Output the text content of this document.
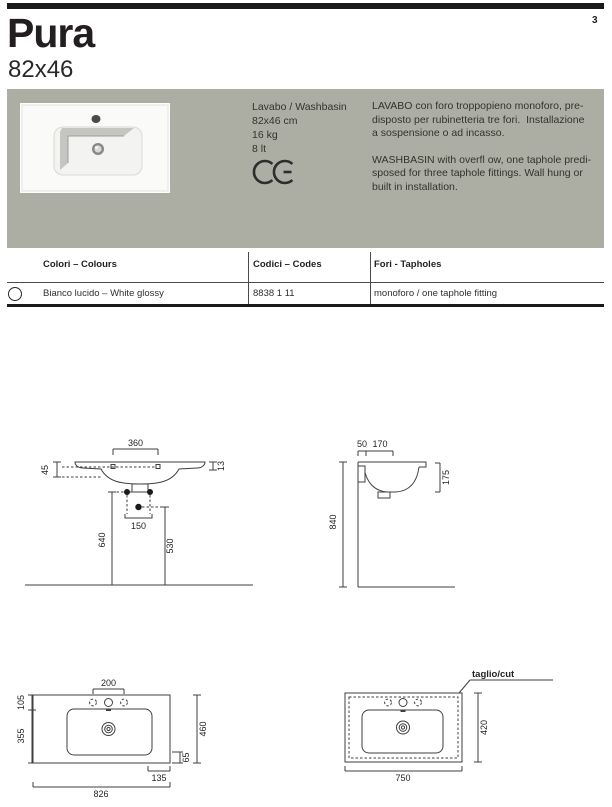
Pura	3
82x46
Lavabo / Washbasin
82x46 cm
16 kg
8 lt
LAVABO con foro troppopieno monoforo, pre-
disposto per rubinetteria tre fori.  Installazione
a sospensione o ad incasso.
WASHBASIN with overfl ow, one taphole predi-
sposed for three taphole fittings. Wall hung or
built in installation.
Colori – Colours	Codici – Codes	Fori - Tapholes
Bianco lucido – White glossy	8838 1 11	monoforo / one taphole fitting
360
45	13
150
640	530
50 170
175
840
200
105
355	460
65
135
826
taglio/cut
420
750
